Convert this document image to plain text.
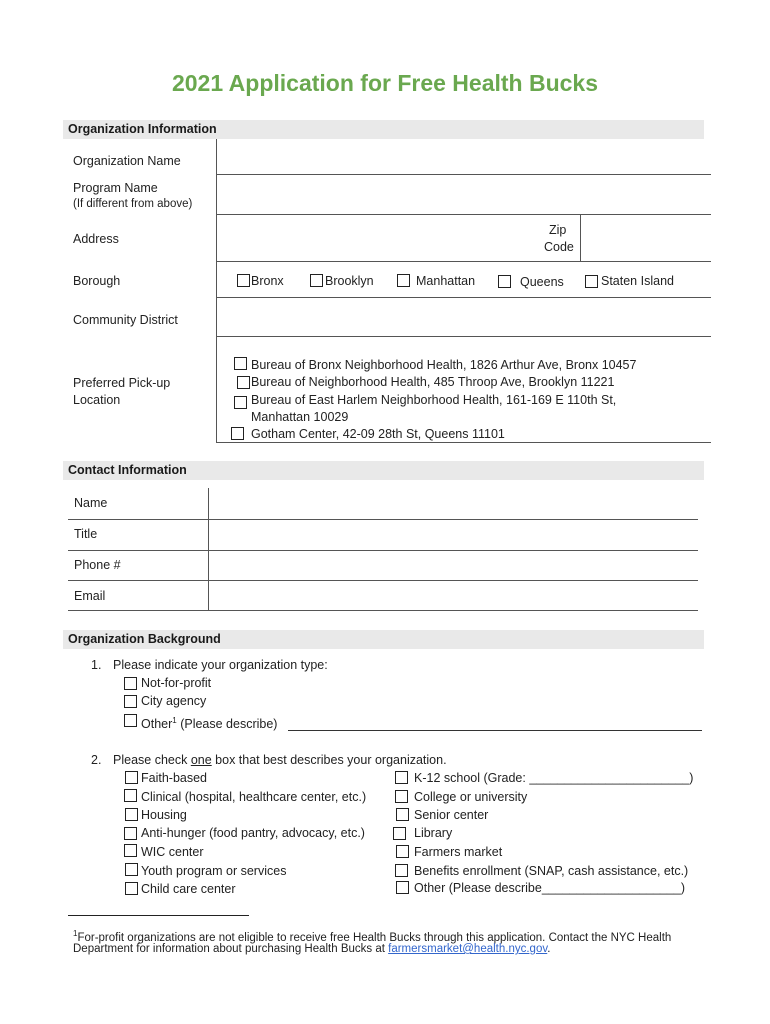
2021 Application for Free Health Bucks
Organization Information
Organization Name
Program Name
(If different from above)
Address
Zip
Code
Borough	Bronx	Brooklyn	Manhattan	Queens	Staten Island
Community District
Preferred Pick-up
Location
Bureau of Bronx Neighborhood Health, 1826 Arthur Ave, Bronx 10457
Bureau of Neighborhood Health, 485 Throop Ave, Brooklyn 11221
Bureau of East Harlem Neighborhood Health, 161-169 E 110th St,
Manhattan 10029
Gotham Center, 42-09 28th St, Queens 11101
Contact Information
Name
Title
Phone #
Email
Organization Background
1. Please indicate your organization type:
Not-for-profit
City agency
Other$^1$ (Please describe)
2. Please check one box that best describes your organization.
Faith-based
Clinical (hospital, healthcare center, etc.)
Housing
Anti-hunger (food pantry, advocacy, etc.)
WIC center
Youth program or services
Child care center
K-12 school (Grade: _______________________)
College or university
Senior center
Library
Farmers market
Benefits enrollment (SNAP, cash assistance, etc.)
Other (Please describe____________________)
$^1$For-profit organizations are not eligible to receive free Health Bucks through this application. Contact the NYC Health
Department for information about purchasing Health Bucks at farmersmarket@health.nyc.gov.
